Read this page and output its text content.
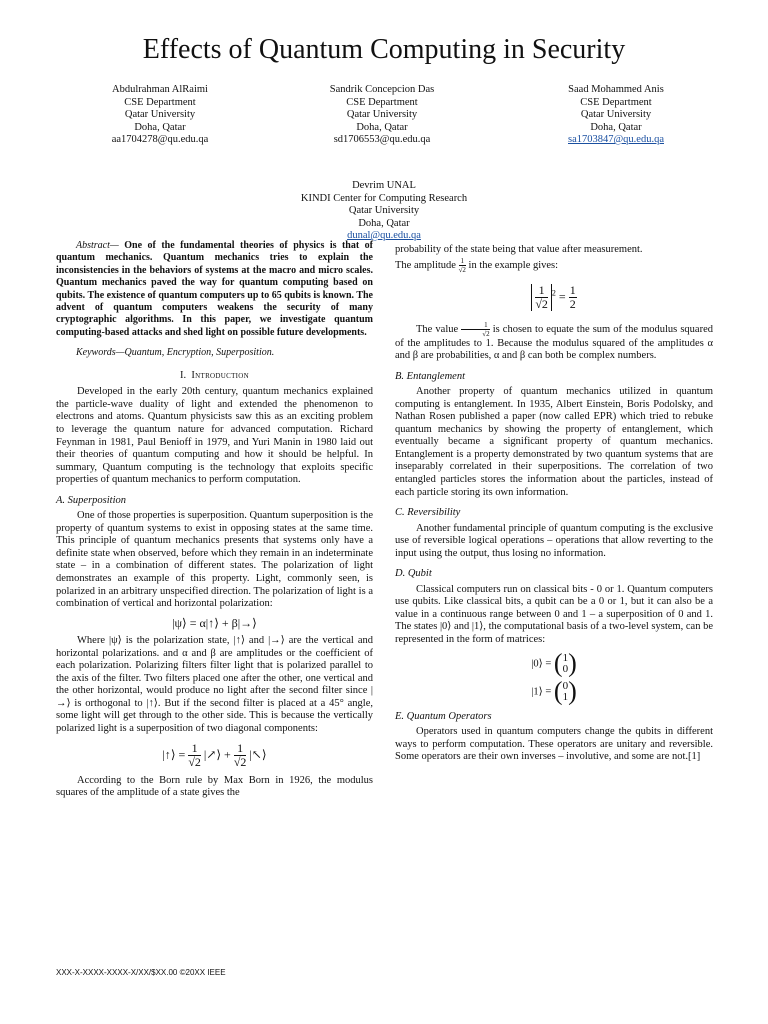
Effects of Quantum Computing in Security
Abdulrahman AlRaimi
CSE Department
Qatar University
Doha, Qatar
aa1704278@qu.edu.qa
Sandrik Concepcion Das
CSE Department
Qatar University
Doha, Qatar
sd1706553@qu.edu.qa
Saad Mohammed Anis
CSE Department
Qatar University
Doha, Qatar
sa1703847@qu.edu.qa
Devrim UNAL
KINDI Center for Computing Research
Qatar University
Doha, Qatar
dunal@qu.edu.qa

Abstract— One of the fundamental theories of physics is that of quantum mechanics. Quantum mechanics tries to explain the inconsistencies in the behaviors of systems at the macro and micro scales. Quantum mechanics paved the way for quantum computing based on qubits. The existence of quantum computers up to 65 qubits is known. The advent of quantum computers weakens the security of many cryptographic algorithms. In this paper, we investigate quantum computing-based attacks and shed light on possible future developments.

Keywords—Quantum, Encryption, Superposition.

I. Introduction

Developed in the early 20th century, quantum mechanics explained the particle-wave duality of light and extended the phenomenon to electrons and atoms. Quantum physicists saw this as an exciting problem to leverage the quantum nature for advanced computation. Richard Feynman in 1981, Paul Benioff in 1979, and Yuri Manin in 1980 laid out their theories of quantum computing and how it should be helpful. In summary, Quantum computing is the technology that exploits specific properties of quantum mechanics to perform computation.

A. Superposition

One of those properties is superposition. Quantum superposition is the property of quantum systems to exist in opposing states at the same time. This principle of quantum mechanics presents that systems only have a definite state when observed, before which they remain in an indeterminate state – in a combination of different states. The polarization of light demonstrates an example of this property. Light, commonly seen, is polarized in an arbitrary unspecified direction. The polarization of light is a combination of vertical and horizontal polarization:

|ψ⟩ = α|↑⟩ + β|→⟩

Where |ψ⟩ is the polarization state, |↑⟩ and |→⟩ are the vertical and horizontal polarizations. and α and β are amplitudes or the coefficient of each polarization. Polarizing filters filter light that is polarized parallel to the axis of the filter. Two filters placed one after the other, one vertical and the other horizontal, would produce no light after the second filter since |→⟩ is orthogonal to |↑⟩. But if the second filter is placed at a 45° angle, some light will get through to the other side. This is because the vertically polarized light is a superposition of two diagonal components:

|↑⟩ = $\frac{1}{√2}$ |↗⟩ + $\frac{1}{√2}$ |↖⟩

According to the Born rule by Max Born in 1926, the modulus squares of the amplitude of a state gives the

probability of the state being that value after measurement.

The amplitude $\frac{1}{√2}$ in the example gives:

$\frac{1}{√2} ^2 = \frac{1}{2}$

The value $\frac{1}{√2}$ is chosen to equate the sum of the modulus squared of the amplitudes to 1. Because the modulus squared of the amplitudes α and β are probabilities, α and β can both be complex numbers.

B. Entanglement

Another property of quantum mechanics utilized in quantum computing is entanglement. In 1935, Albert Einstein, Boris Podolsky, and Nathan Rosen published a paper (now called EPR) which tried to rebuke quantum mechanics by showing the property of entanglement, which eventually became a significant property of quantum mechanics. Entanglement is a property demonstrated by two quantum systems that are inseparably correlated in their superpositions. The correlation of two entangled particles stores the information about the particles, instead of each particle storing its own information.

C. Reversibility

Another fundamental principle of quantum computing is the exclusive use of reversible logical operations – operations that allow reverting to the input using the output, thus losing no information.

D. Qubit

Classical computers run on classical bits - 0 or 1. Quantum computers use qubits. Like classical bits, a qubit can be a 0 or 1, but it can also be a value in a continuous range between 0 and 1 – a superposition of 0 and 1. The states |0⟩ and |1⟩, the computational basis of a two-level system, can be represented in the form of matrices:

|0⟩ = (1
0)
|1⟩ = (0
1)
E. Quantum Operators

Operators used in quantum computers change the qubits in different ways to perform computation. These operators are unitary and reversible. Some operators are their own inverses – involutive, and some are not.[1]

XXX-X-XXXX-XXXX-X/XX/$XX.00 ©20XX IEEE
